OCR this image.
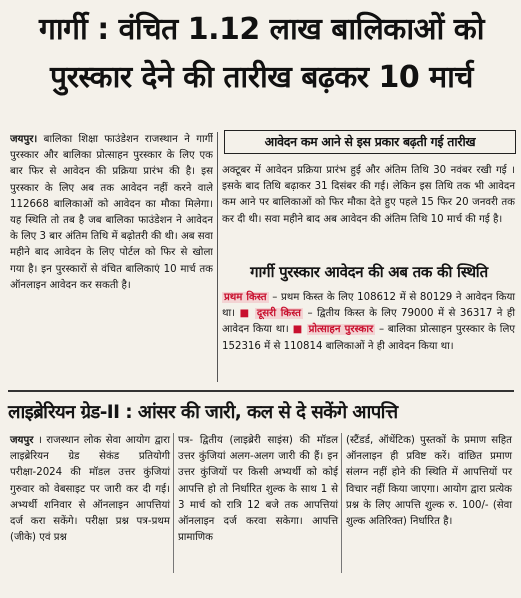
गार्गी : वंचित 1.12 लाख बालिकाओं को
पुरस्कार देने की तारीख बढ़कर 10 मार्च

जयपुर। बालिका शिक्षा फाउंडेशन राजस्थान ने गार्गी पुरस्कार और बालिका प्रोत्साहन पुरस्कार के लिए एक बार फिर से आवेदन की प्रक्रिया प्रारंभ की है। इस पुरस्कार के लिए अब तक आवेदन नहीं करने वाले 112668 बालिकाओं को आवेदन का मौका मिलेगा। यह स्थिति तो तब है जब बालिका फाउंडेशन ने आवेदन के लिए 3 बार अंतिम तिथि में बढ़ोतरी की थी। अब सवा महीने बाद आवेदन के लिए पोर्टल को फिर से खोला गया है। इन पुरस्कारों से वंचित बालिकाएं 10 मार्च तक ऑनलाइन आवेदन कर सकती है।

आवेदन कम आने से इस प्रकार बढ़ती गई तारीख

अक्टूबर में आवेदन प्रक्रिया प्रारंभ हुई और अंतिम तिथि 30 नवंबर रखी गई । इसके बाद तिथि बढ़ाकर 31 दिसंबर की गई। लेकिन इस तिथि तक भी आवेदन कम आने पर बालिकाओं को फिर मौका देते हुए पहले 15 फिर 20 जनवरी तक कर दी थी। सवा महीने बाद अब आवेदन की अंतिम तिथि 10 मार्च की गई है।

गार्गी पुरस्कार आवेदन की अब तक की स्थिति

प्रथम किस्त – प्रथम किस्त के लिए 108612 में से 80129 ने आवेदन किया था। ■ दूसरी किस्त – द्वितीय किस्त के लिए 79000 में से 36317 ने ही आवेदन किया था। ■ प्रोत्साहन पुरस्कार – बालिका प्रोत्साहन पुरस्कार के लिए 152316 में से 110814 बालिकाओं ने ही आवेदन किया था।

लाइब्रेरियन ग्रेड-II : आंसर की जारी, कल से दे सकेंगे आपत्ति

जयपुर । राजस्थान लोक सेवा आयोग द्वारा लाइब्रेरियन ग्रेड सेकंड प्रतियोगी परीक्षा-2024 की मॉडल उत्तर कुंजियां गुरुवार को वेबसाइट पर जारी कर दी गई। अभ्यर्थी शनिवार से ऑनलाइन आपत्तियां दर्ज करा सकेंगे। परीक्षा प्रश्न पत्र-प्रथम (जीके) एवं प्रश्न

पत्र- द्वितीय (लाइब्रेरी साइंस) की मॉडल उत्तर कुंजियां अलग-अलग जारी की हैं। इन उत्तर कुंजियों पर किसी अभ्यर्थी को कोई आपत्ति हो तो निर्धारित शुल्क के साथ 1 से 3 मार्च को रात्रि 12 बजे तक आपत्तियां ऑनलाइन दर्ज करवा सकेगा। आपत्ति प्रामाणिक

(स्टैंडर्ड, ऑथेंटिक) पुस्तकों के प्रमाण सहित ऑनलाइन ही प्रविष्ट करें। वांछित प्रमाण संलग्न नहीं होने की स्थिति में आपत्तियों पर विचार नहीं किया जाएगा। आयोग द्वारा प्रत्येक प्रश्न के लिए आपत्ति शुल्क रु. 100/- (सेवा शुल्क अतिरिक्त) निर्धारित है।
